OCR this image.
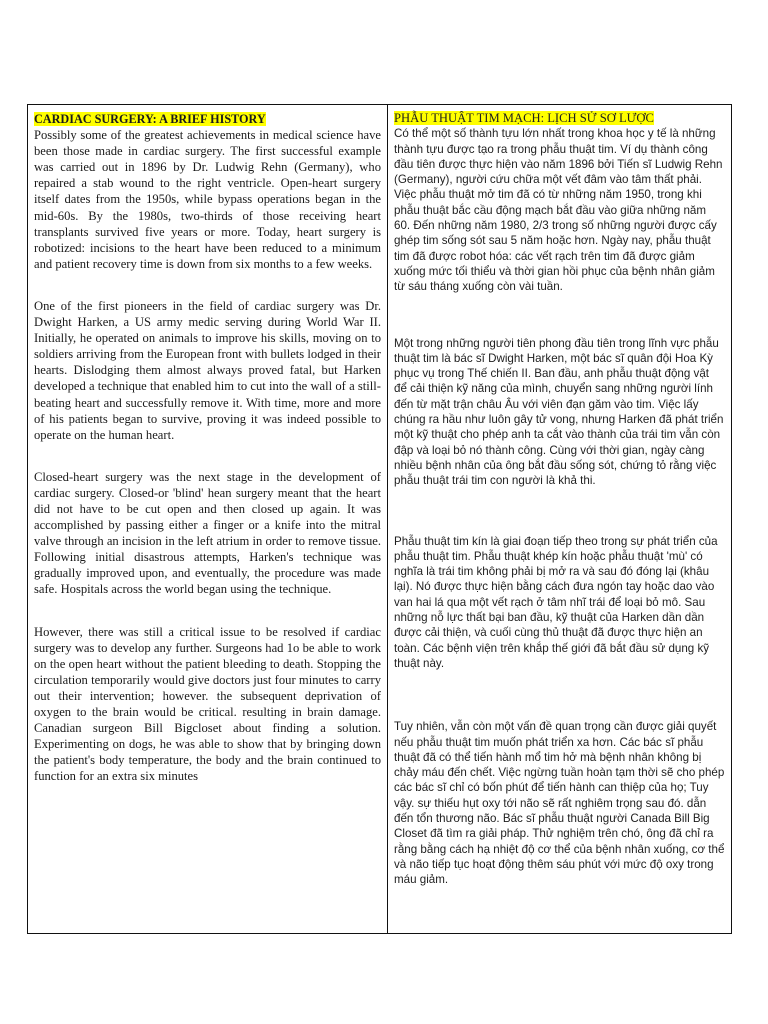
CARDIAC SURGERY: A BRIEF HISTORY

Possibly some of the greatest achievements in medical science have been those made in cardiac surgery. The first successful example was carried out in 1896 by Dr. Ludwig Rehn (Germany), who repaired a stab wound to the right ventricle. Open-heart surgery itself dates from the 1950s, while bypass operations began in the mid-60s. By the 1980s, two-thirds of those receiving heart transplants survived five years or more. Today, heart surgery is robotized: incisions to the heart have been reduced to a minimum and patient recovery time is down from six months to a few weeks.

One of the first pioneers in the field of cardiac surgery was Dr. Dwight Harken, a US army medic serving during World War II. Initially, he operated on animals to improve his skills, moving on to soldiers arriving from the European front with bullets lodged in their hearts. Dislodging them almost always proved fatal, but Harken developed a technique that enabled him to cut into the wall of a still-beating heart and successfully remove it. With time, more and more of his patients began to survive, proving it was indeed possible to operate on the human heart.

Closed-heart surgery was the next stage in the development of cardiac surgery. Closed-or 'blind' hean surgery meant that the heart did not have to be cut open and then closed up again. It was accomplished by passing either a finger or a knife into the mitral valve through an incision in the left atrium in order to remove tissue. Following initial disastrous attempts, Harken's technique was gradually improved upon, and eventually, the procedure was made safe. Hospitals across the world began using the technique.

However, there was still a critical issue to be resolved if cardiac surgery was to develop any further. Surgeons had 1o be able to work on the open heart without the patient bleeding to death. Stopping the circulation temporarily would give doctors just four minutes to carry out their intervention; however. the subsequent deprivation of oxygen to the brain would be critical. resulting in brain damage. Canadian surgeon Bill Bigcloset about finding a solution. Experimenting on dogs, he was able to show that by bringing down the patient's body temperature, the body and the brain continued to function for an extra six minutes

	PHẪU THUẬT TIM MẠCH: LỊCH SỬ SƠ LƯỢC

Có thể một số thành tựu lớn nhất trong khoa học y tế là những thành tựu được tạo ra trong phẫu thuật tim. Ví dụ thành công đầu tiên được thực hiện vào năm 1896 bởi Tiến sĩ Ludwig Rehn (Germany), người cứu chữa một vết đâm vào tâm thất phải. Việc phẫu thuật mở tim đã có từ những năm 1950, trong khi phẫu thuật bắc cầu động mạch bắt đầu vào giữa những năm 60. Đến những năm 1980, 2/3 trong số những người được cấy ghép tim sống sót sau 5 năm hoặc hơn. Ngày nay, phẫu thuật tim đã được robot hóa: các vết rạch trên tim đã được giảm xuống mức tối thiểu và thời gian hồi phục của bệnh nhân giảm từ sáu tháng xuống còn vài tuần.

Một trong những người tiên phong đầu tiên trong lĩnh vực phẫu thuật tim là bác sĩ Dwight Harken, một bác sĩ quân đội Hoa Kỳ phục vụ trong Thế chiến II. Ban đầu, anh phẫu thuật động vật để cải thiện kỹ năng của mình, chuyển sang những người lính đến từ mặt trận châu Âu với viên đạn găm vào tim. Việc lấy chúng ra hầu như luôn gây tử vong, nhưng Harken đã phát triển một kỹ thuật cho phép anh ta cắt vào thành của trái tim vẫn còn đập và loại bỏ nó thành công. Cùng với thời gian, ngày càng nhiều bệnh nhân của ông bắt đầu sống sót, chứng tỏ rằng việc phẫu thuật trái tim con người là khả thi.

Phẫu thuật tim kín là giai đoạn tiếp theo trong sự phát triển của phẫu thuật tim. Phẫu thuật khép kín hoặc phẫu thuật 'mù' có nghĩa là trái tim không phải bị mở ra và sau đó đóng lại (khâu lại). Nó được thực hiện bằng cách đưa ngón tay hoặc dao vào van hai lá qua một vết rạch ở tâm nhĩ trái để loại bỏ mô. Sau những nỗ lực thất bại ban đầu, kỹ thuật của Harken dần dần được cải thiện, và cuối cùng thủ thuật đã được thực hiện an toàn. Các bệnh viện trên khắp thế giới đã bắt đầu sử dụng kỹ thuật này.

Tuy nhiên, vẫn còn một vấn đề quan trọng cần được giải quyết nếu phẫu thuật tim muốn phát triển xa hơn. Các bác sĩ phẫu thuật đã có thể tiến hành mổ tim hở mà bệnh nhân không bị chảy máu đến chết. Việc ngừng tuần hoàn tạm thời sẽ cho phép các bác sĩ chỉ có bốn phút để tiến hành can thiệp của họ; Tuy vậy. sự thiếu hụt oxy tới não sẽ rất nghiêm trọng sau đó. dẫn đến tổn thương não. Bác sĩ phẫu thuật người Canada Bill Big Closet đã tìm ra giải pháp. Thử nghiệm trên chó, ông đã chỉ ra rằng bằng cách hạ nhiệt độ cơ thể của bệnh nhân xuống, cơ thể và não tiếp tục hoạt động thêm sáu phút với mức độ oxy trong máu giảm.
